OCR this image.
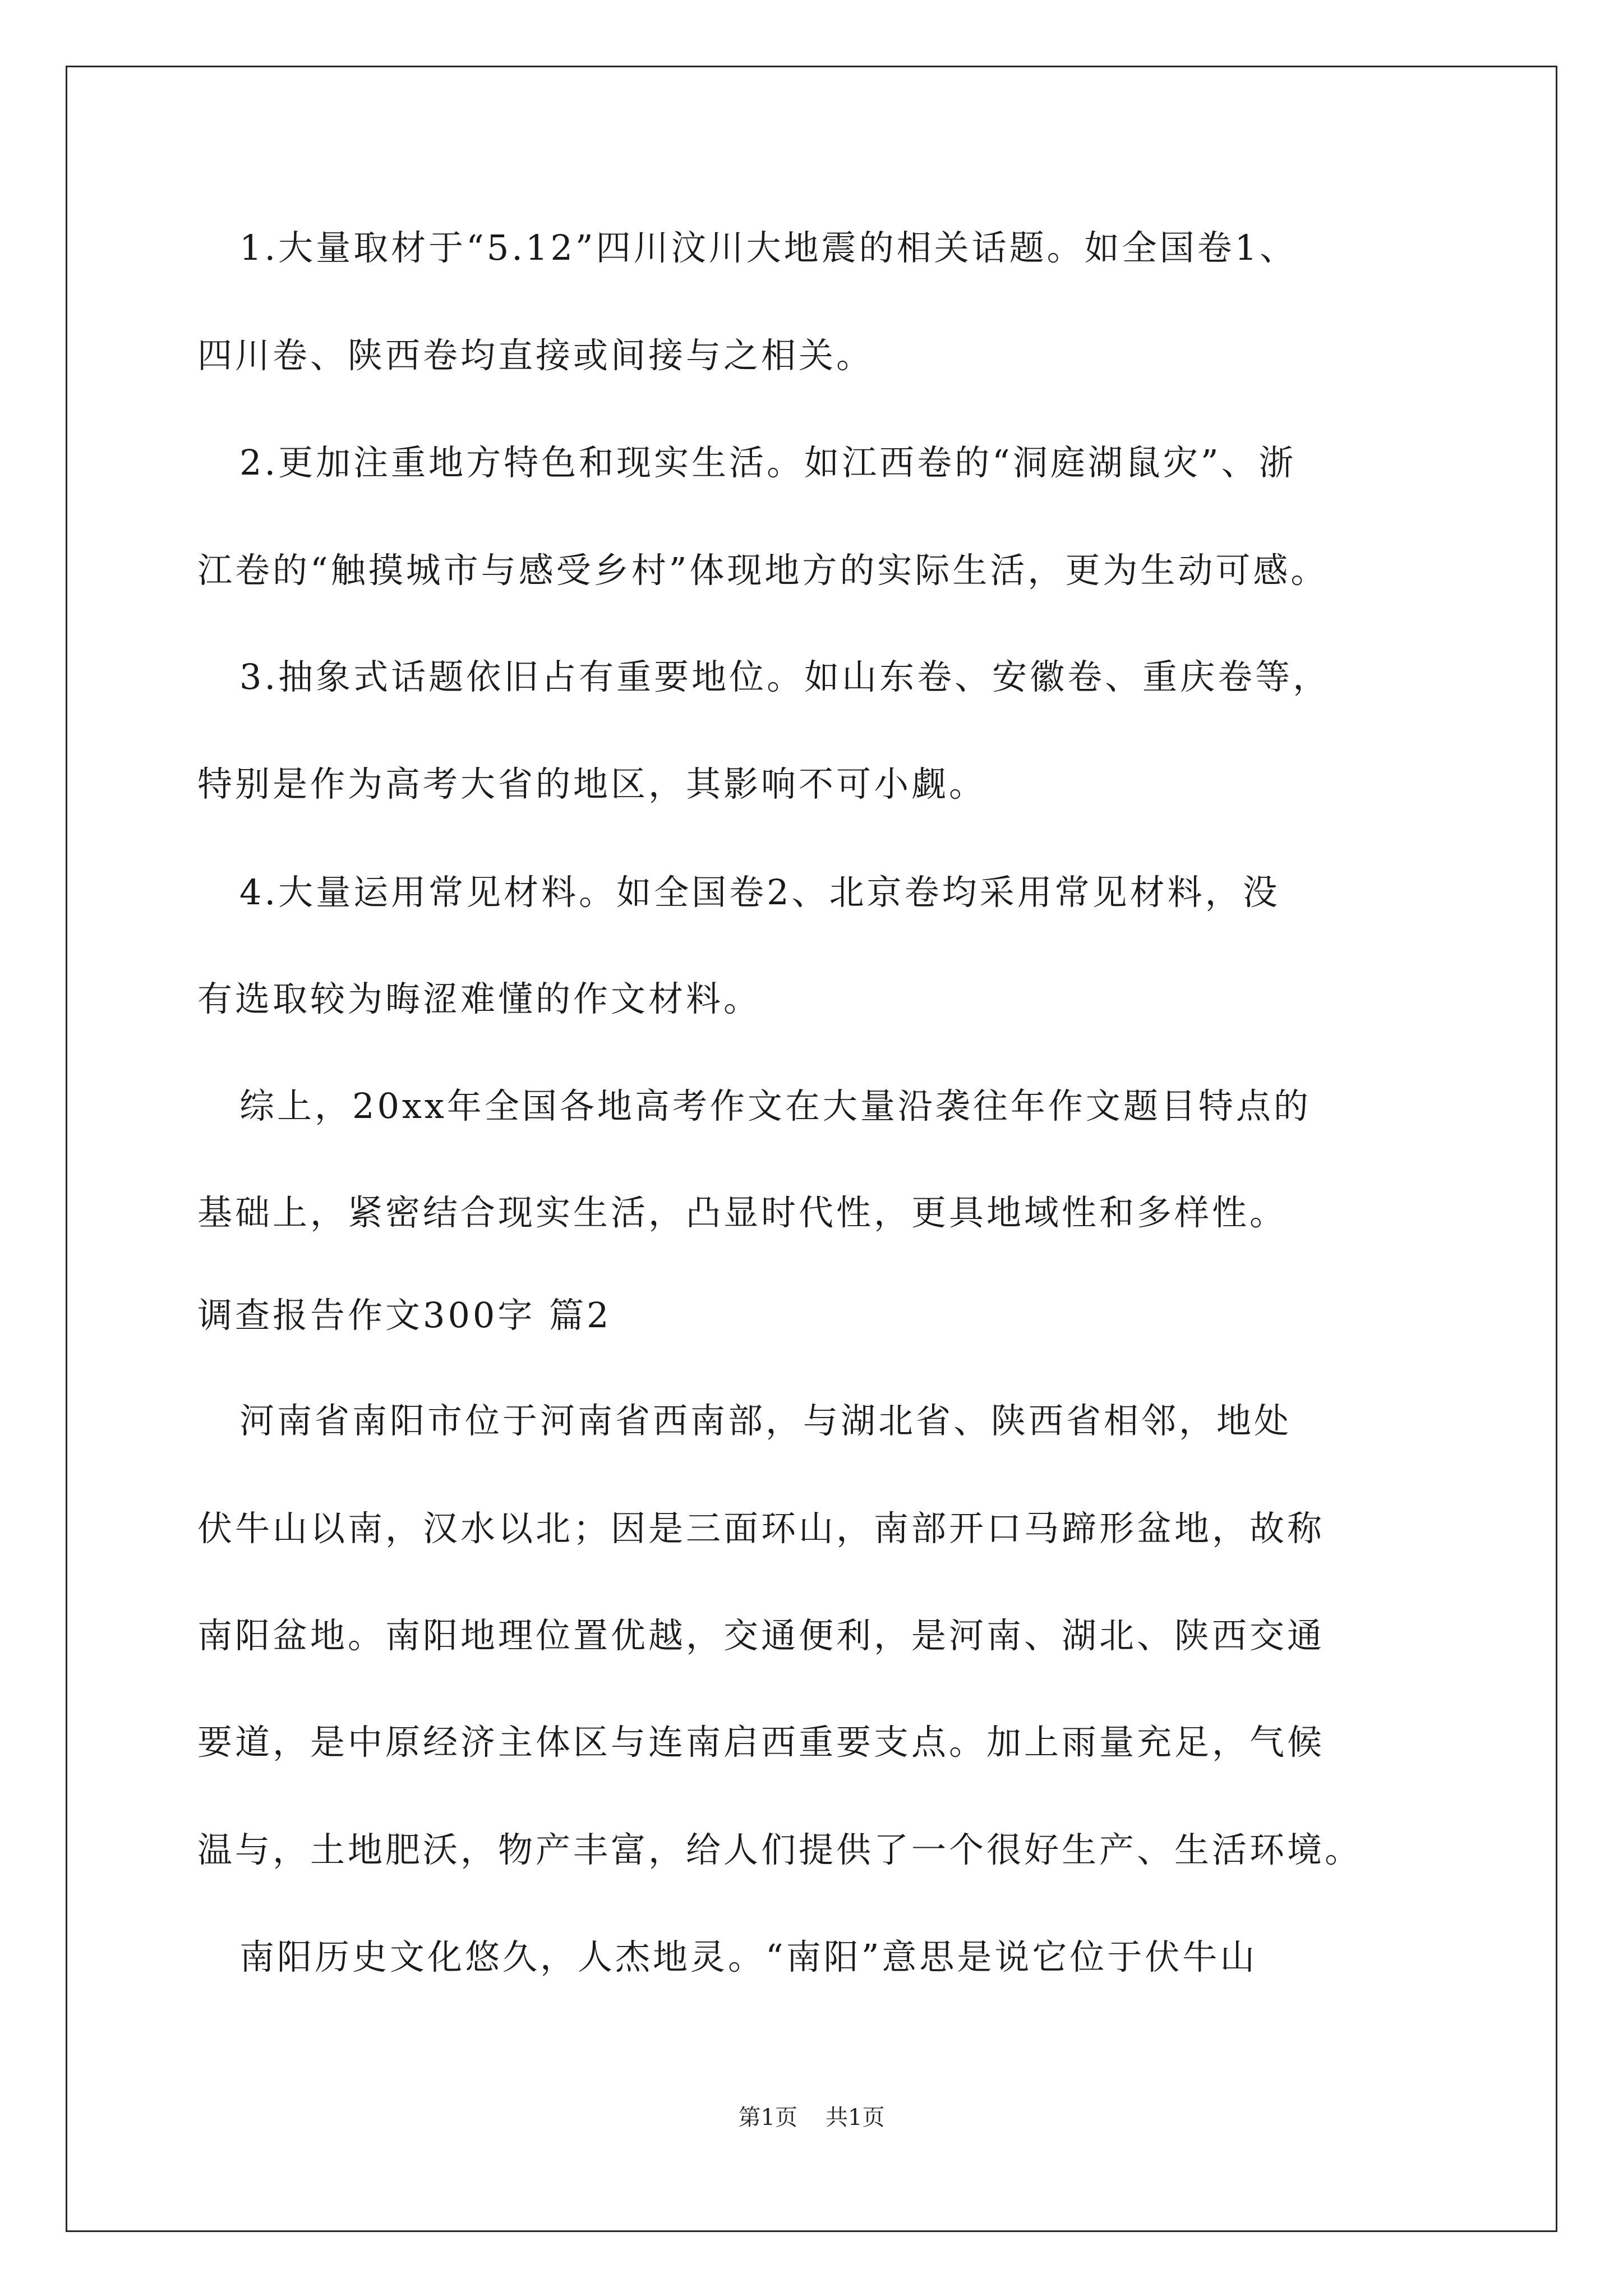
1.大量取材于“5.12”四川汶川大地震的相关话题。如全国卷1、
四川卷、陕西卷均直接或间接与之相关。
2.更加注重地方特色和现实生活。如江西卷的“洞庭湖鼠灾”、浙
江卷的“触摸城市与感受乡村”体现地方的实际生活，更为生动可感。
3.抽象式话题依旧占有重要地位。如山东卷、安徽卷、重庆卷等，
特别是作为高考大省的地区，其影响不可小觑。
4.大量运用常见材料。如全国卷2、北京卷均采用常见材料，没
有选取较为晦涩难懂的作文材料。
综上，20xx年全国各地高考作文在大量沿袭往年作文题目特点的
基础上，紧密结合现实生活，凸显时代性，更具地域性和多样性。
调查报告作文300字 篇2
河南省南阳市位于河南省西南部，与湖北省、陕西省相邻，地处
伏牛山以南，汉水以北；因是三面环山，南部开口马蹄形盆地，故称
南阳盆地。南阳地理位置优越，交通便利，是河南、湖北、陕西交通
要道，是中原经济主体区与连南启西重要支点。加上雨量充足，气候
温与，土地肥沃，物产丰富，给人们提供了一个很好生产、生活环境。
南阳历史文化悠久，人杰地灵。“南阳”意思是说它位于伏牛山
第1页 共1页
